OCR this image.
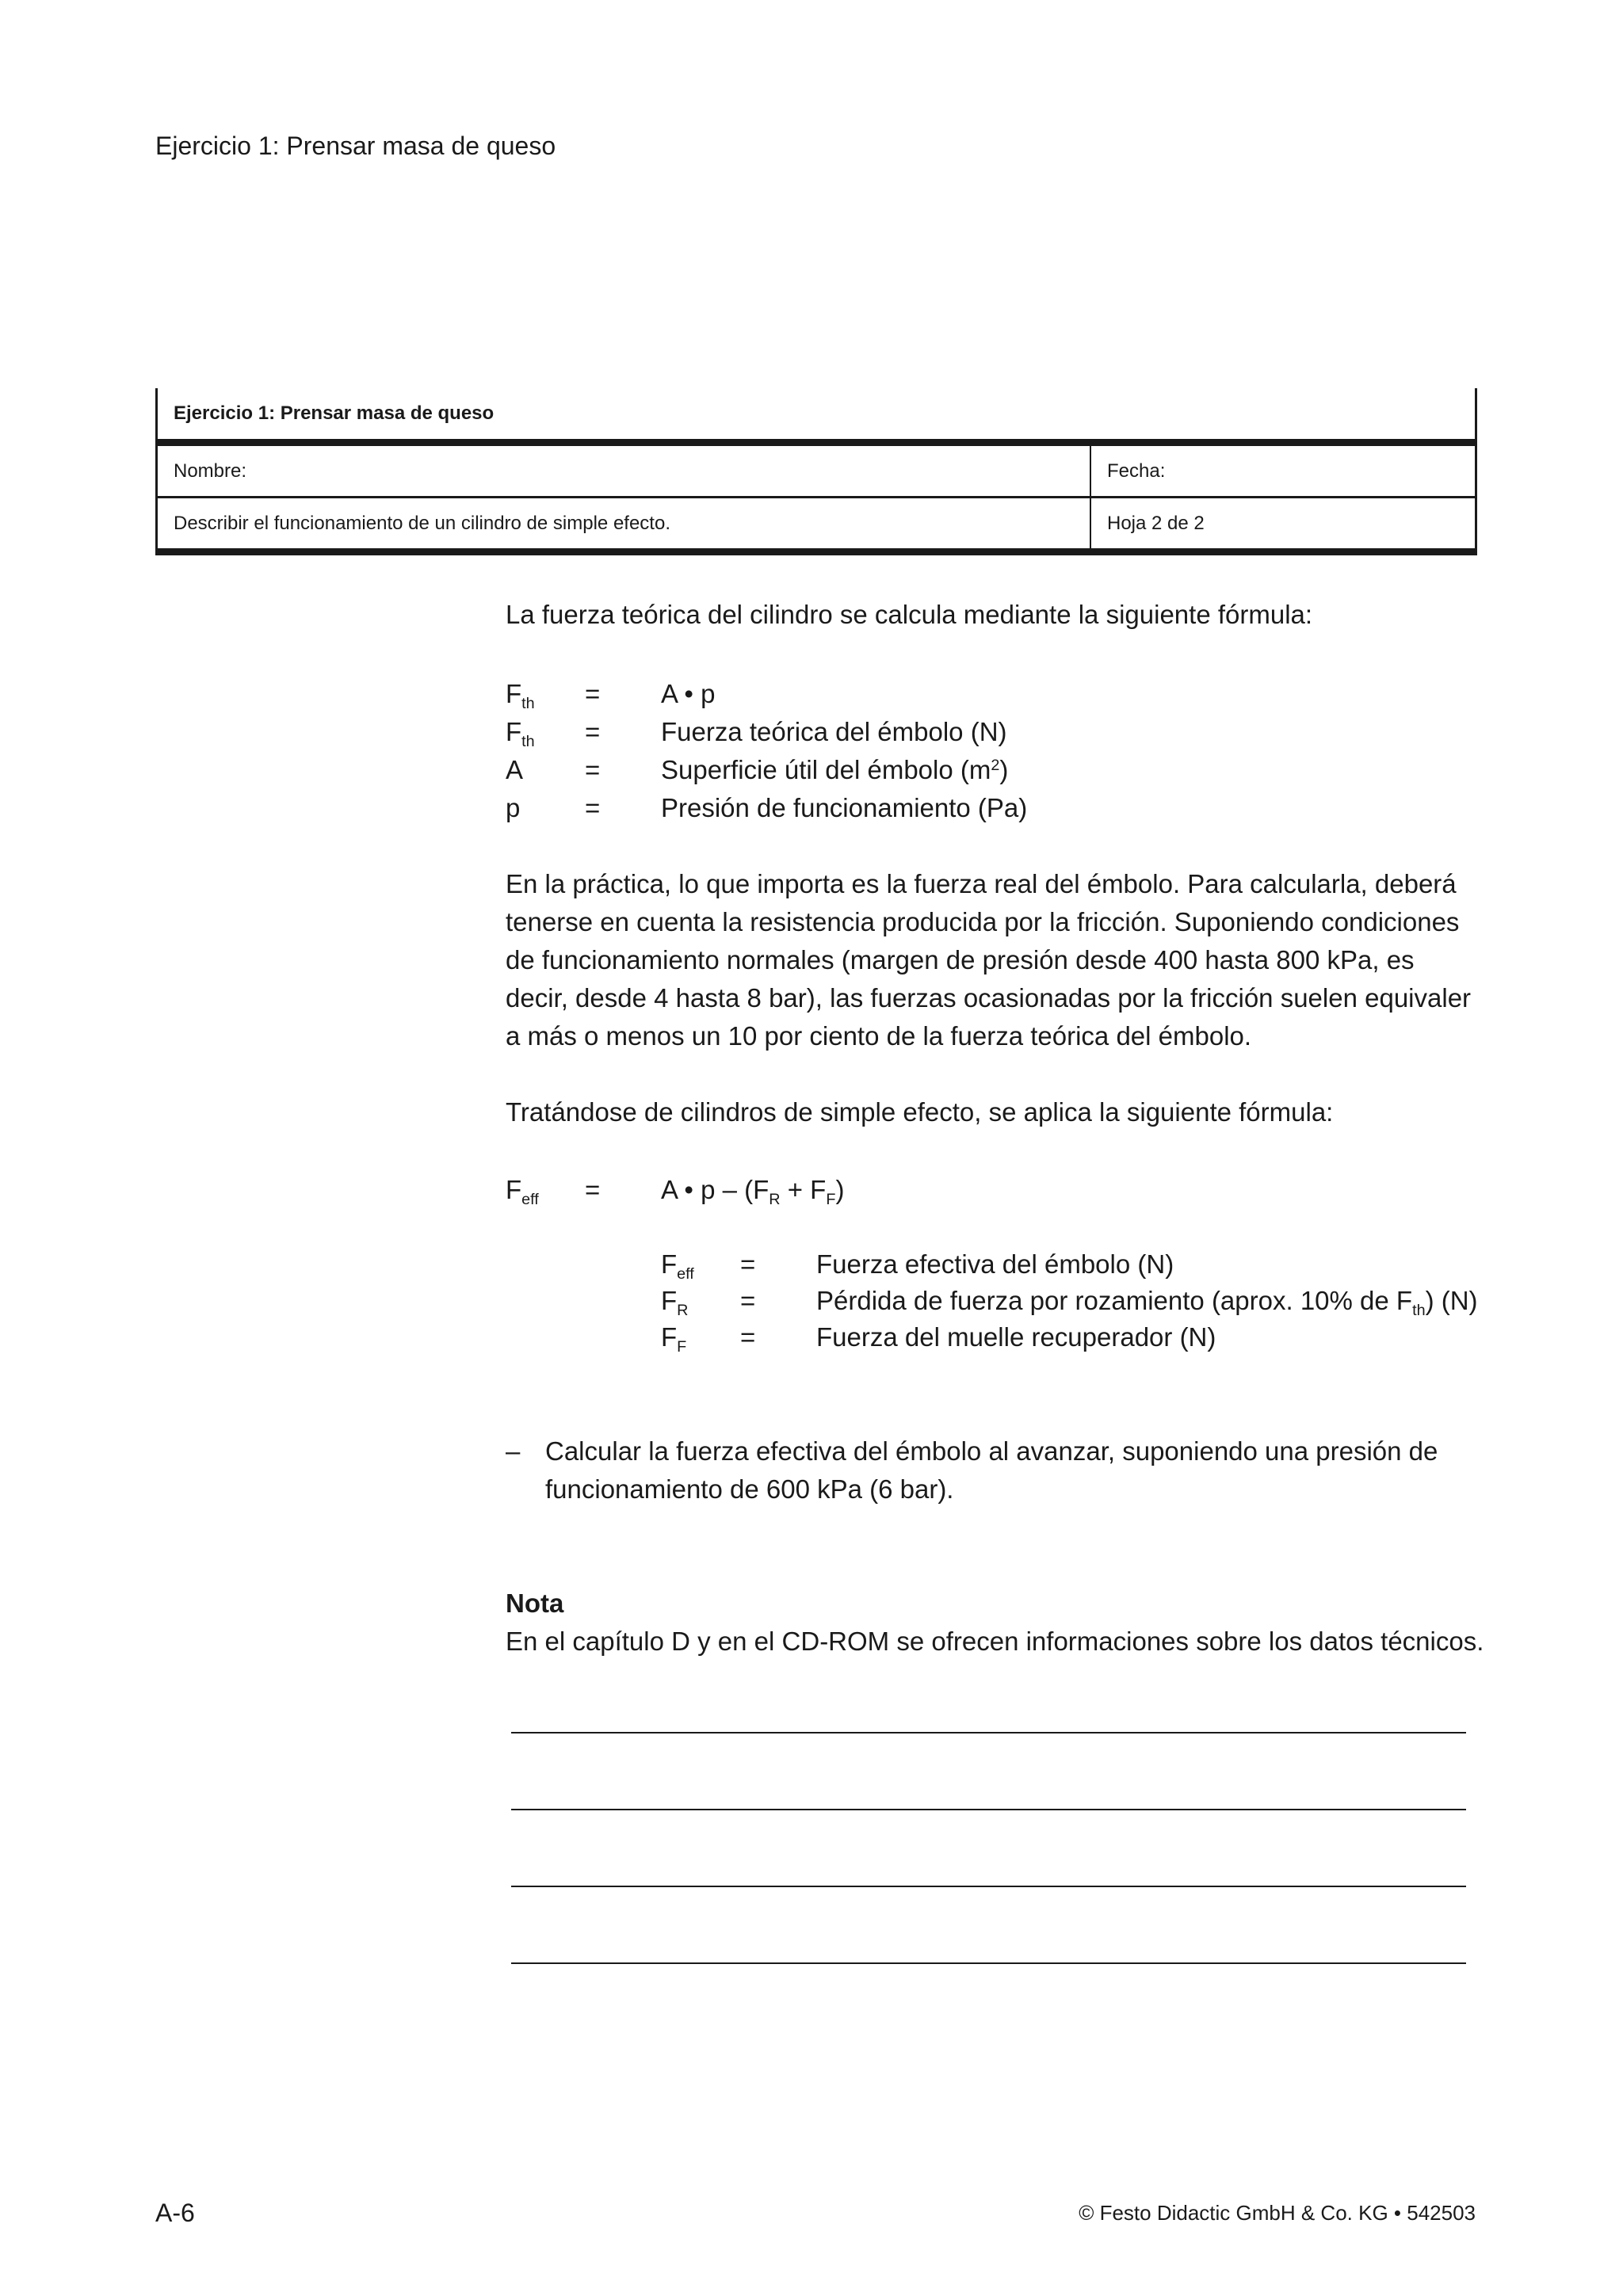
Ejercicio 1: Prensar masa de queso
Ejercicio 1: Prensar masa de queso
Nombre:	Fecha:
Describir el funcionamiento de un cilindro de simple efecto.	Hoja 2 de 2
La fuerza teórica del cilindro se calcula mediante la siguiente fórmula:
$F_{th} = A$ • p
$F_{th}$ = Fuerza teórica del émbolo (N)
A = Superficie útil del émbolo $(m^2)$
p = Presión de funcionamiento (Pa)
En la práctica, lo que importa es la fuerza real del émbolo. Para calcularla, deberá tenerse en cuenta la resistencia producida por la fricción. Suponiendo condiciones de funcionamiento normales (margen de presión desde 400 hasta 800 kPa, es decir, desde 4 hasta 8 bar), las fuerzas ocasionadas por la fricción suelen equivaler a más o menos un 10 por ciento de la fuerza teórica del émbolo.
Tratándose de cilindros de simple efecto, se aplica la siguiente fórmula:
$F_{eff} = A$ • $p - (F_R + F_F)$
$F_{eff}$ = Fuerza efectiva del émbolo (N)
$F_R$ = Pérdida de fuerza por rozamiento (aprox. 10% de $F_{th}$) (N)
$F_F$ = Fuerza del muelle recuperador (N)
– Calcular la fuerza efectiva del émbolo al avanzar, suponiendo una presión de funcionamiento de 600 kPa (6 bar).
Nota
En el capítulo D y en el CD-ROM se ofrecen informaciones sobre los datos técnicos.
A-6	© Festo Didactic GmbH & Co. KG • 542503
